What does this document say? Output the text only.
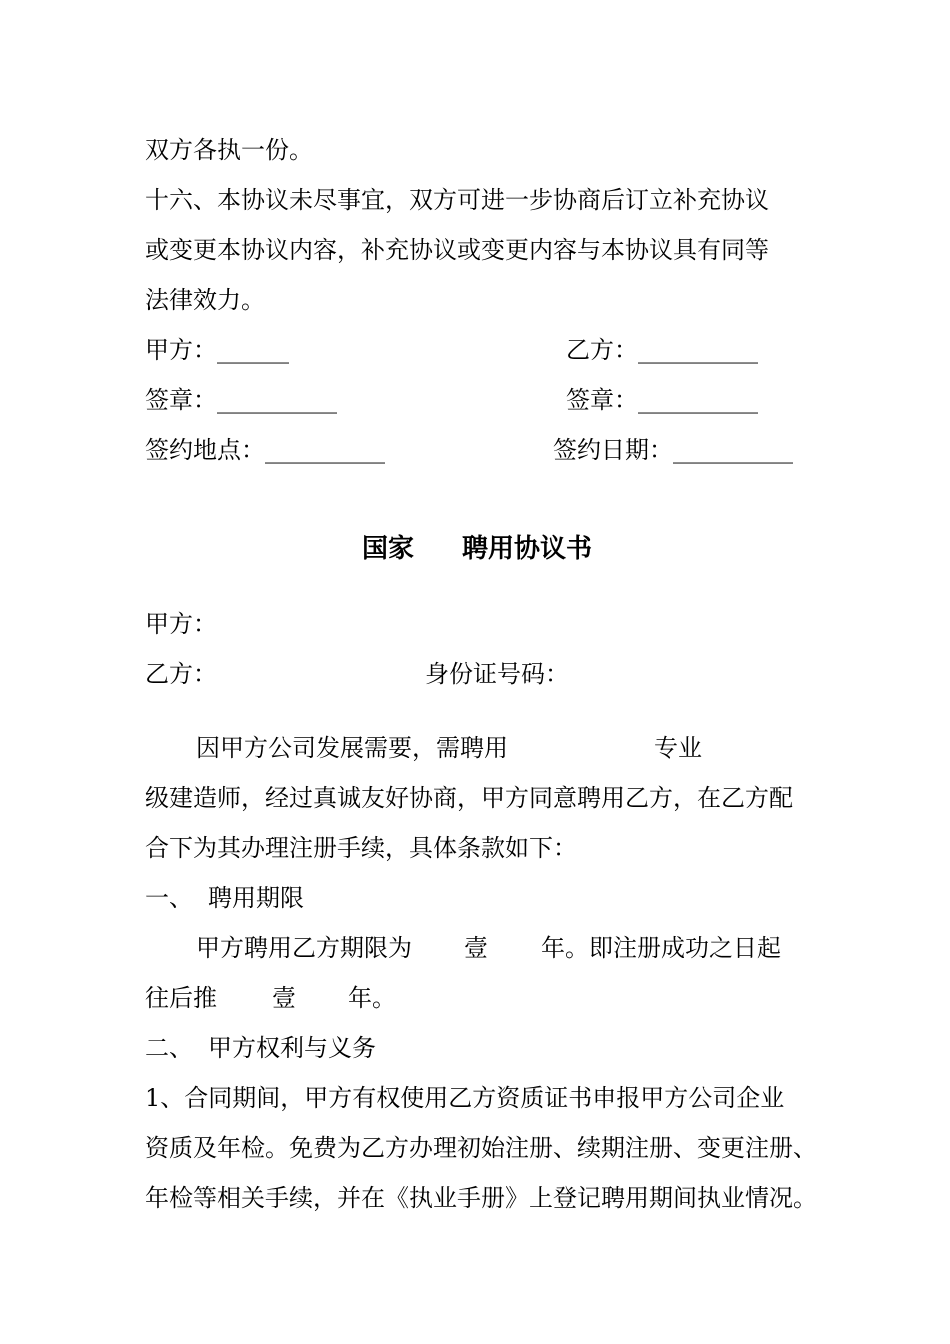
双方各执一份。
十六、本协议未尽事宜，双方可进一步协商后订立补充协议
或变更本协议内容，补充协议或变更内容与本协议具有同等
法律效力。
甲方：______	乙方：__________
签章：__________	签章：__________
签约地点：__________	签约日期：__________
国家 聘用协议书
甲方：
乙方：	身份证号码：
因甲方公司发展需要，需聘用	专业
级建造师，经过真诚友好协商，甲方同意聘用乙方，在乙方配
合下为其办理注册手续，具体条款如下：
一、 聘用期限
甲方聘用乙方期限为 壹 年。即注册成功之日起
往后推 壹 年。
二、 甲方权利与义务
1、合同期间，甲方有权使用乙方资质证书申报甲方公司企业
资质及年检。免费为乙方办理初始注册、续期注册、变更注册、
年检等相关手续，并在《执业手册》上登记聘用期间执业情况。
